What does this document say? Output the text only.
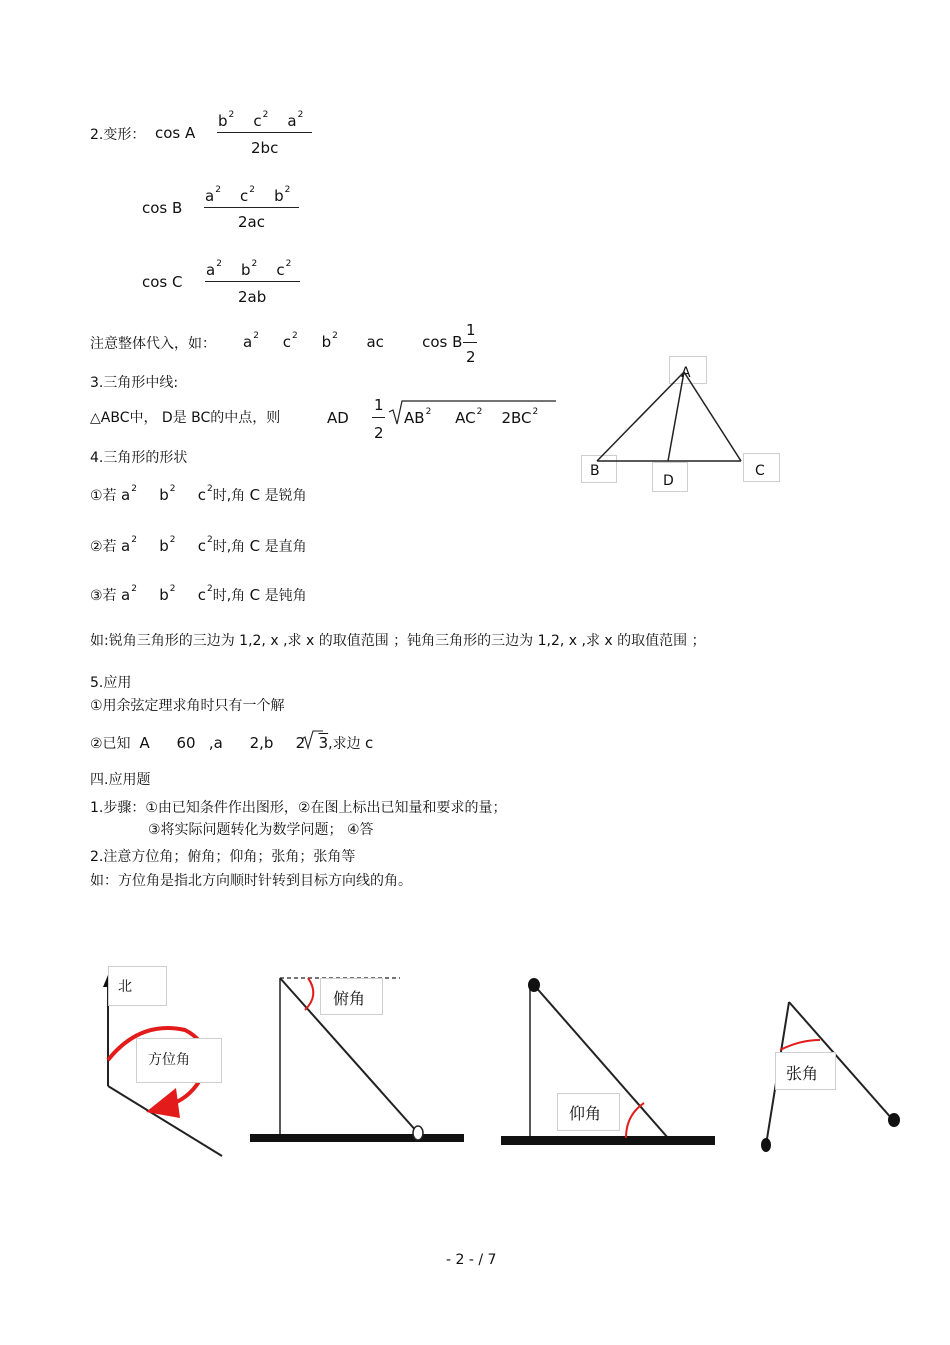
2.变形： cos A
$b^2$ $c^2$ $a^2$
2bc
cos B
$a^2$ $c^2$ $b^2$
2ac
cos C
$a^2$ $b^2$ $c^2$
2ab
注意整体代入，如： $a^2$ $c^2$ $b^2$ ac	cos B
1
2
3.三角形中线:
△ABC中， D是 BC的中点，则	AD
1
2
$AB^2$ $AC^2$ $2BC^2$
A
B
D
C
4.三角形的形状
①若 $a^2$ $b^2$ $c^2$时,角 C 是锐角
②若 $a^2$ $b^2$ $c^2$时,角 C 是直角
③若 $a^2$ $b^2$ $c^2$时,角 C 是钝角
如:锐角三角形的三边为 1,2, x ,求 x 的取值范围 ；钝角三角形的三边为 1,2, x ,求 x 的取值范围 ；
5.应用
①用余弦定理求角时只有一个解
②已知 A 60 ,a 2,b 2 3,求边 c
四.应用题
1.步骤：①由已知条件作出图形，②在图上标出已知量和要求的量；
③将实际问题转化为数学问题； ④答
2.注意方位角；俯角；仰角；张角；张角等
如：方位角是指北方向顺时针转到目标方向线的角。
北
方位角
俯角
仰角
张角
- 2 - / 7
